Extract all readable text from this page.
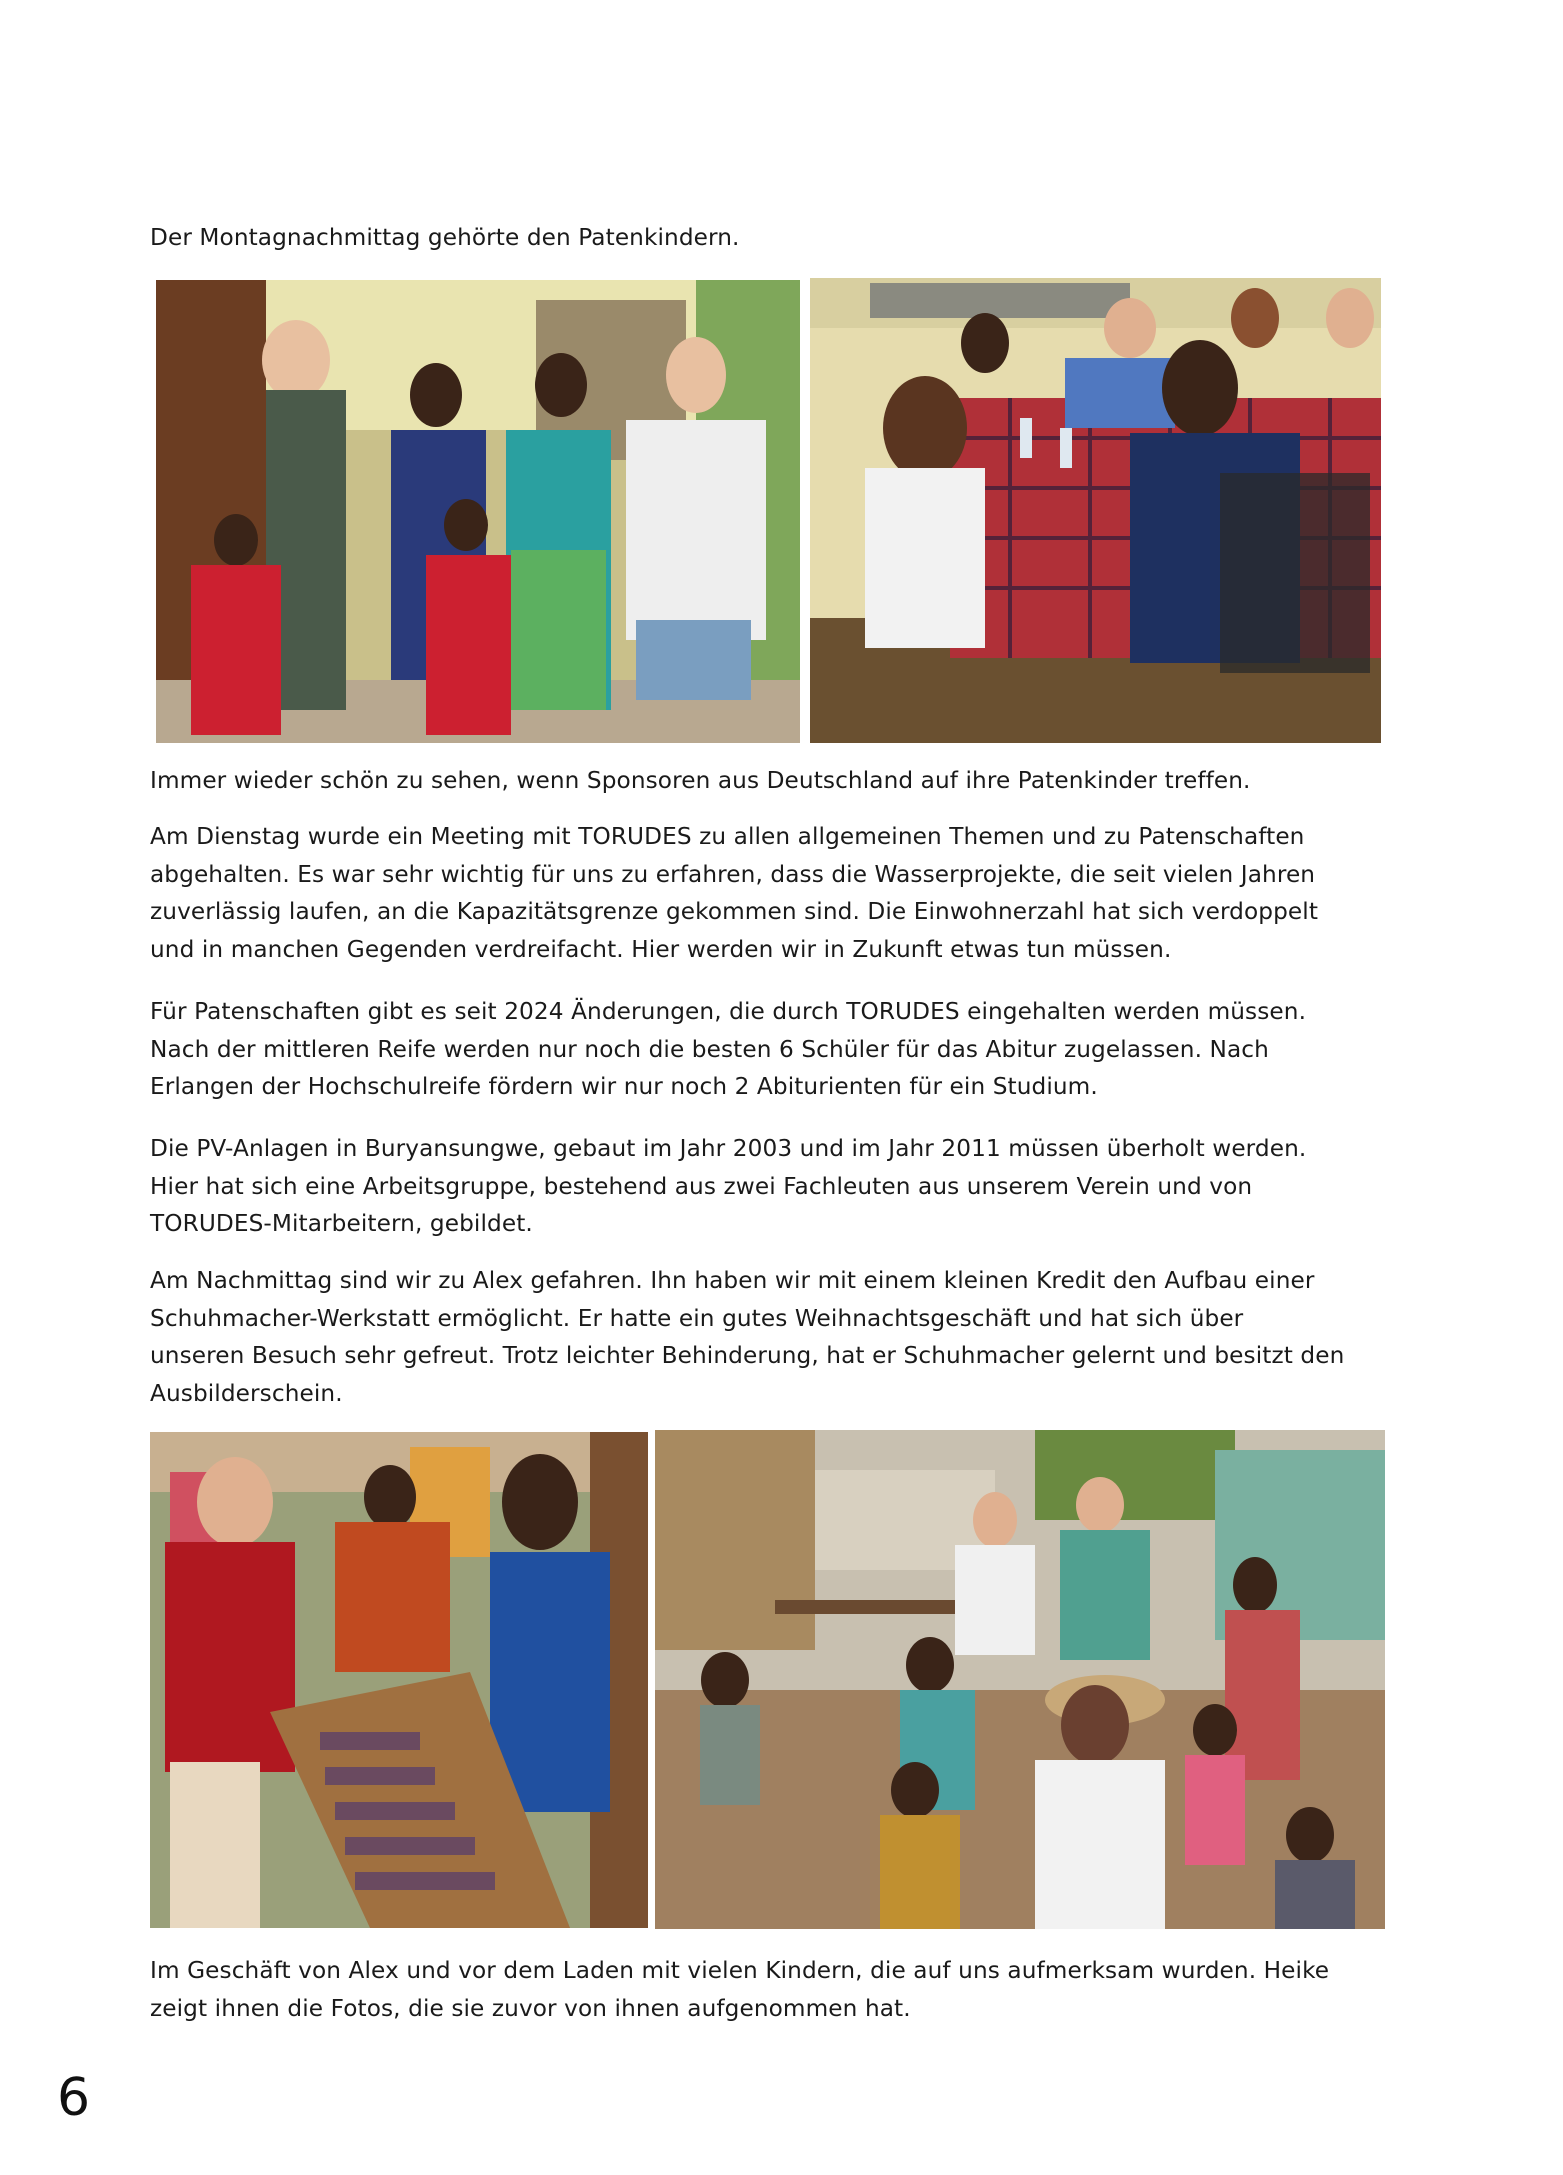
Der Montagnachmittag gehörte den Patenkindern.

Immer wieder schön zu sehen, wenn Sponsoren aus Deutschland auf ihre Patenkinder treffen.

Am Dienstag wurde ein Meeting mit TORUDES zu allen allgemeinen Themen und zu Patenschaften
abgehalten. Es war sehr wichtig für uns zu erfahren, dass die Wasserprojekte, die seit vielen Jahren
zuverlässig laufen, an die Kapazitätsgrenze gekommen sind. Die Einwohnerzahl hat sich verdoppelt
und in manchen Gegenden verdreifacht. Hier werden wir in Zukunft etwas tun müssen.

Für Patenschaften gibt es seit 2024 Änderungen, die durch TORUDES eingehalten werden müssen.
Nach der mittleren Reife werden nur noch die besten 6 Schüler für das Abitur zugelassen. Nach
Erlangen der Hochschulreife fördern wir nur noch 2 Abiturienten für ein Studium.

Die PV-Anlagen in Buryansungwe, gebaut im Jahr 2003 und im Jahr 2011 müssen überholt werden.
Hier hat sich eine Arbeitsgruppe, bestehend aus zwei Fachleuten aus unserem Verein und von
TORUDES-Mitarbeitern, gebildet.

Am Nachmittag sind wir zu Alex gefahren. Ihn haben wir mit einem kleinen Kredit den Aufbau einer
Schuhmacher-Werkstatt ermöglicht. Er hatte ein gutes Weihnachtsgeschäft und hat sich über
unseren Besuch sehr gefreut. Trotz leichter Behinderung, hat er Schuhmacher gelernt und besitzt den
Ausbilderschein.

Im Geschäft von Alex und vor dem Laden mit vielen Kindern, die auf uns aufmerksam wurden. Heike
zeigt ihnen die Fotos, die sie zuvor von ihnen aufgenommen hat.

6
